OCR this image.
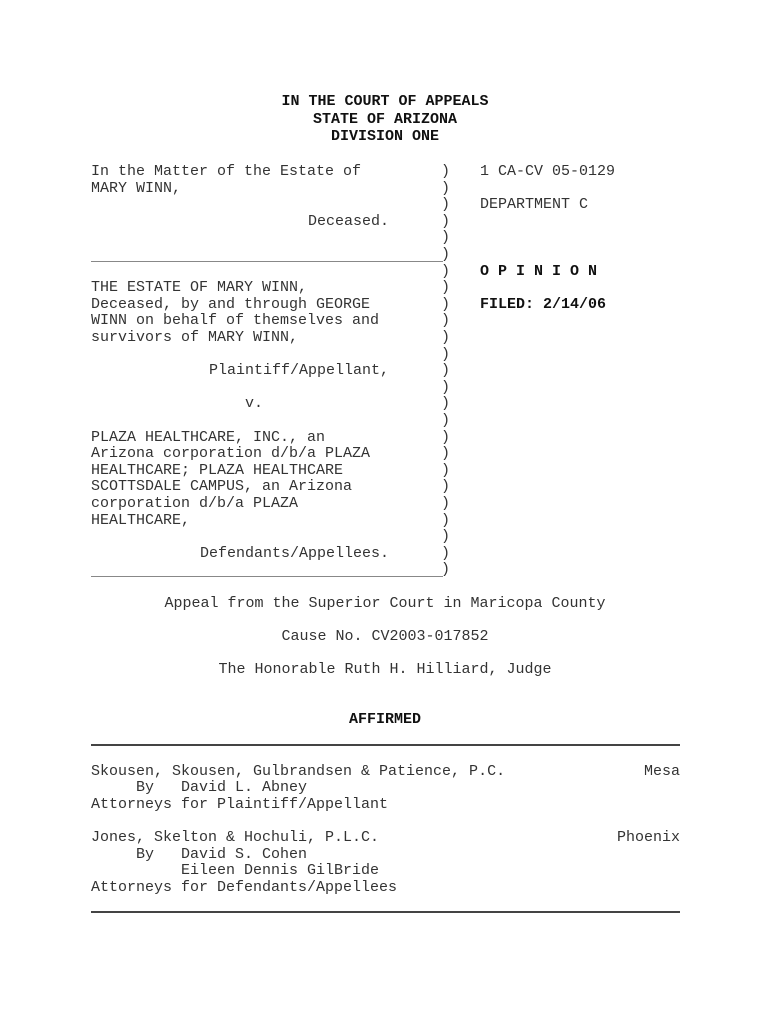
IN THE COURT OF APPEALS
STATE OF ARIZONA
DIVISION ONE
In the Matter of the Estate of
MARY WINN,
Deceased.
THE ESTATE OF MARY WINN,
Deceased, by and through GEORGE
WINN on behalf of themselves and
survivors of MARY WINN,
Plaintiff/Appellant,
v.
PLAZA HEALTHCARE, INC., an
Arizona corporation d/b/a PLAZA
HEALTHCARE; PLAZA HEALTHCARE
SCOTTSDALE CAMPUS, an Arizona
corporation d/b/a PLAZA
HEALTHCARE,
Defendants/Appellees.
1 CA-CV 05-0129
DEPARTMENT C
O P I N I O N
FILED: 2/14/06
)
)
)
)
)
)
)
)
)
)
)
)
)
)
)
)
)
)
)
)
)
)
)
)
)
Appeal from the Superior Court in Maricopa County
Cause No. CV2003-017852
The Honorable Ruth H. Hilliard, Judge
AFFIRMED
Skousen, Skousen, Gulbrandsen & Patience, P.C.	Mesa
By David L. Abney
Attorneys for Plaintiff/Appellant
Jones, Skelton & Hochuli, P.L.C.	Phoenix
By David S. Cohen
Eileen Dennis GilBride
Attorneys for Defendants/Appellees
